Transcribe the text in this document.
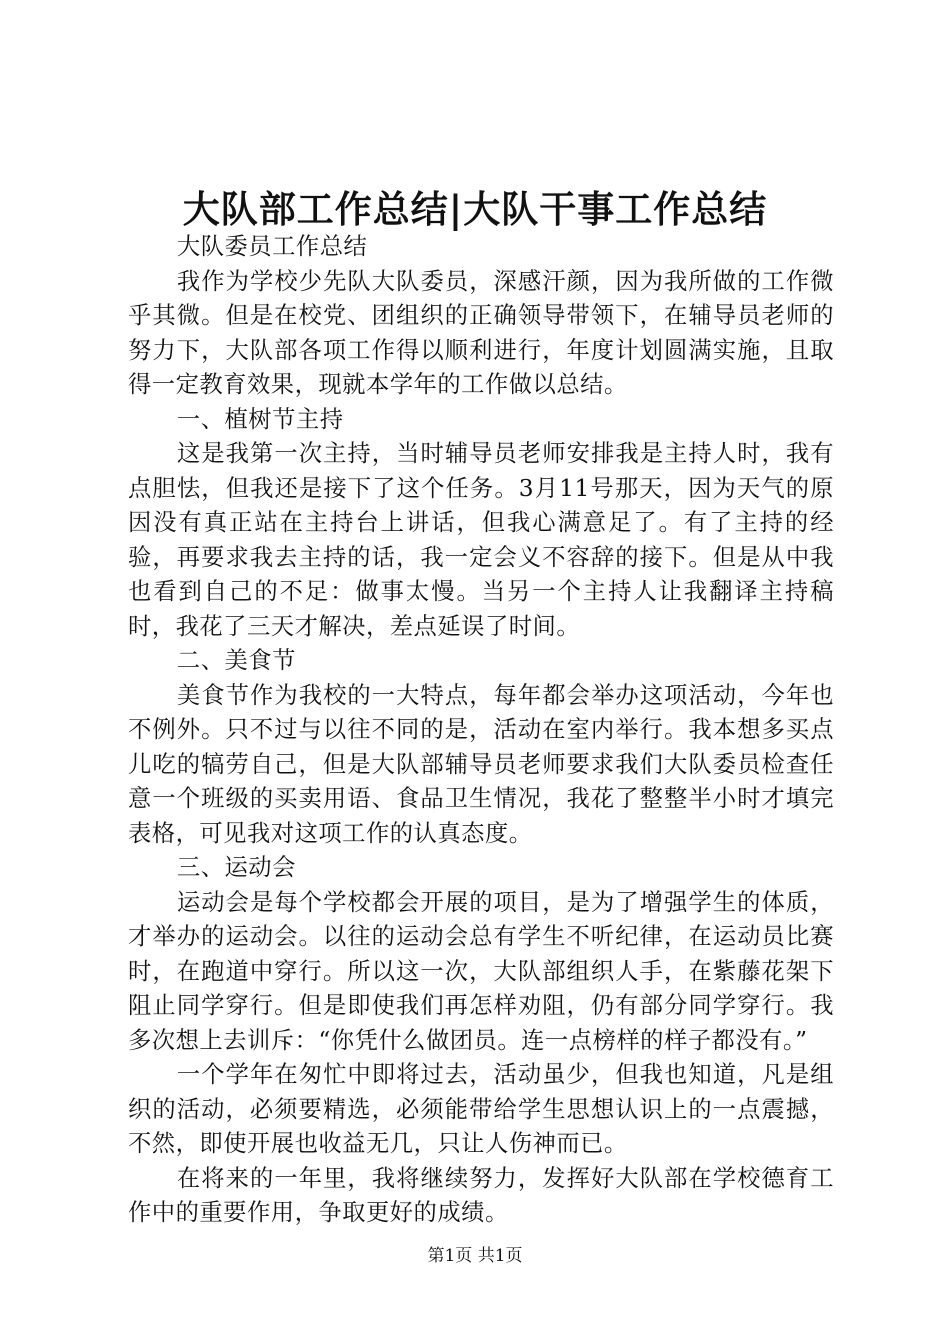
大队部工作总结|大队干事工作总结

大队委员工作总结

我作为学校少先队大队委员，深感汗颜，因为我所做的工作微乎其微。但是在校党、团组织的正确领导带领下，在辅导员老师的努力下，大队部各项工作得以顺利进行，年度计划圆满实施，且取得一定教育效果，现就本学年的工作做以总结。

一、植树节主持

这是我第一次主持，当时辅导员老师安排我是主持人时，我有点胆怯，但我还是接下了这个任务。3月11号那天，因为天气的原因没有真正站在主持台上讲话，但我心满意足了。有了主持的经验，再要求我去主持的话，我一定会义不容辞的接下。但是从中我也看到自己的不足：做事太慢。当另一个主持人让我翻译主持稿时，我花了三天才解决，差点延误了时间。

二、美食节

美食节作为我校的一大特点，每年都会举办这项活动，今年也不例外。只不过与以往不同的是，活动在室内举行。我本想多买点儿吃的犒劳自己，但是大队部辅导员老师要求我们大队委员检查任意一个班级的买卖用语、食品卫生情况，我花了整整半小时才填完表格，可见我对这项工作的认真态度。

三、运动会

运动会是每个学校都会开展的项目，是为了增强学生的体质，才举办的运动会。以往的运动会总有学生不听纪律，在运动员比赛时，在跑道中穿行。所以这一次，大队部组织人手，在紫藤花架下阻止同学穿行。但是即使我们再怎样劝阻，仍有部分同学穿行。我多次想上去训斥：“你凭什么做团员。连一点榜样的样子都没有。”

一个学年在匆忙中即将过去，活动虽少，但我也知道，凡是组织的活动，必须要精选，必须能带给学生思想认识上的一点震撼，不然，即使开展也收益无几，只让人伤神而已。

在将来的一年里，我将继续努力，发挥好大队部在学校德育工作中的重要作用，争取更好的成绩。

第1页 共1页
